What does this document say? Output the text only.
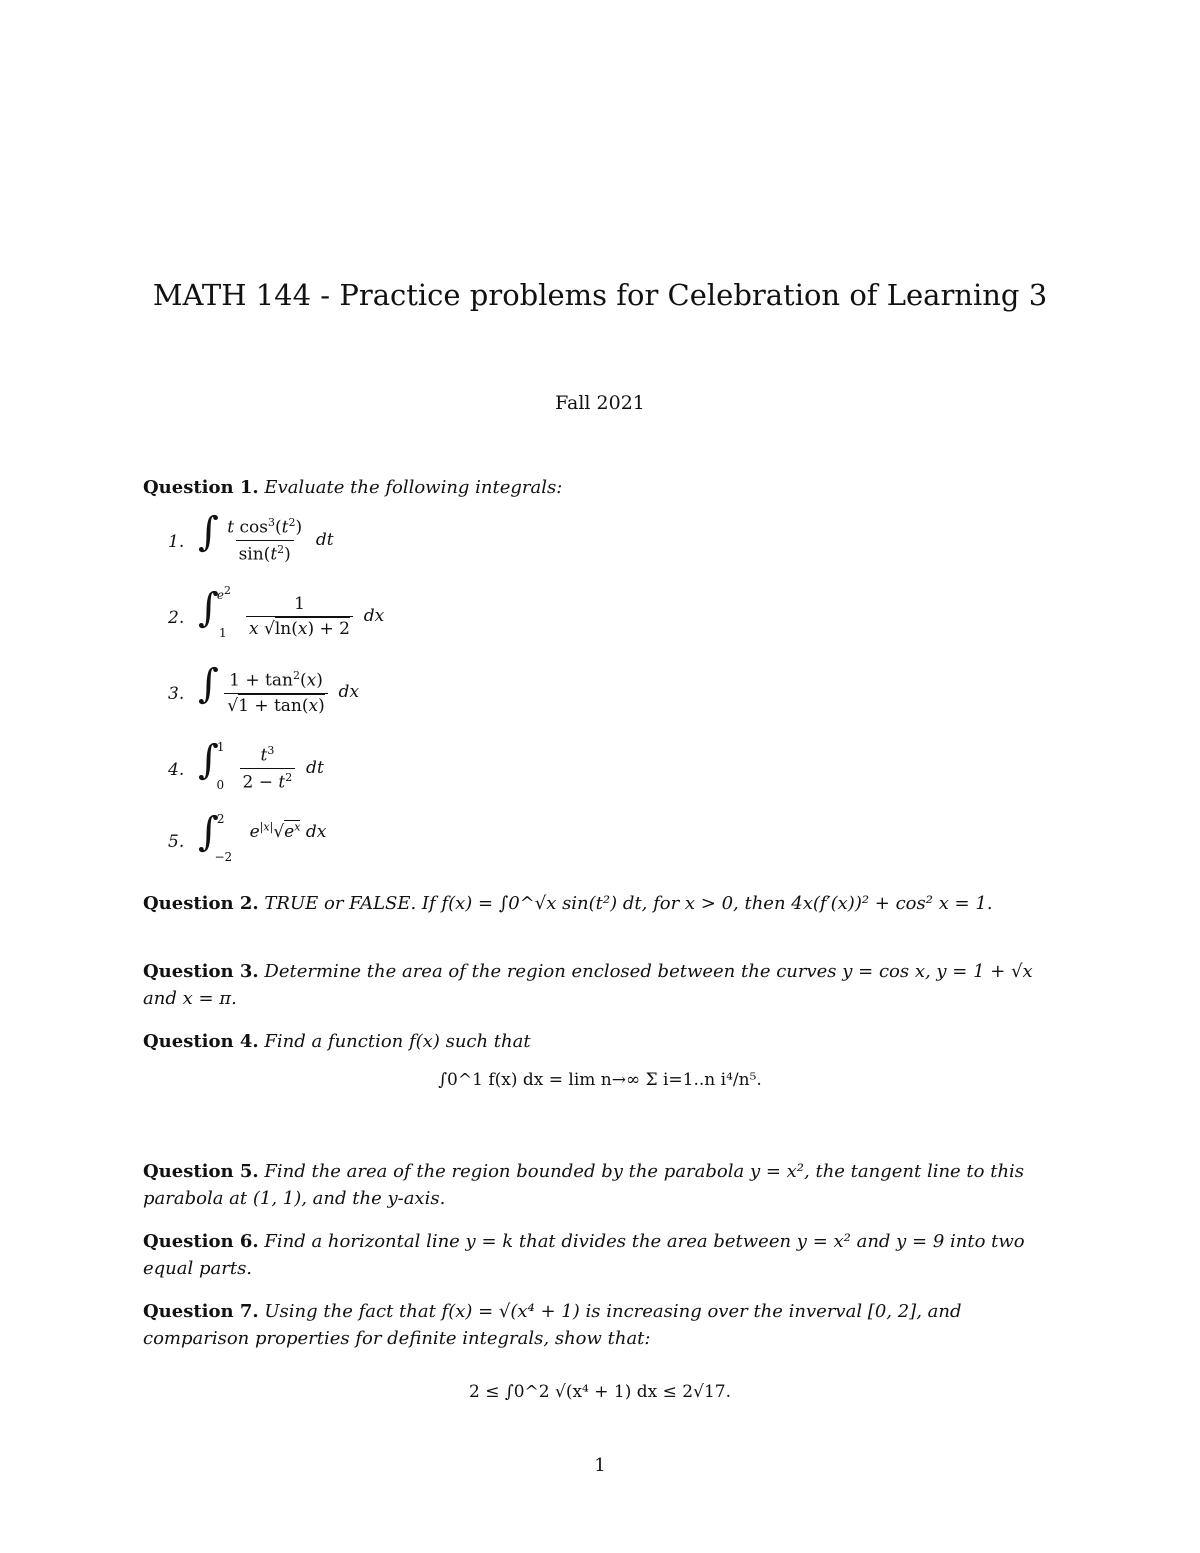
MATH 144 - Practice problems for Celebration of Learning 3
Fall 2021
Question 1. Evaluate the following integrals:
1. ∫ $\frac{t \cos^3(t^2)}{\sin(t^2)}$ dt
2. $\int^{e^2}_1 \frac{1}{x √\ln(x) + 2}$ dx
3. ∫ $\frac{1 + \tan^2(x)}{√1 + \tan(x)}$ dx
4. $\int^1_0 \frac{t^3}{2 - t^2}$ dt
5. ∫$^2_{-2}$ $e^{|x|}√e^x$ dx
Question 2. TRUE or FALSE. If f(x) = ∫0^√x sin(t²) dt, for x > 0, then 4x(f′(x))² + cos² x = 1.
Question 3. Determine the area of the region enclosed between the curves y = cos x, y = 1 + √x and x = π.
Question 4. Find a function f(x) such that
∫0^1 f(x) dx = lim n→∞ Σ i=1..n i⁴/n⁵.
Question 5. Find the area of the region bounded by the parabola y = x², the tangent line to this parabola at (1, 1), and the y-axis.
Question 6. Find a horizontal line y = k that divides the area between y = x² and y = 9 into two equal parts.
Question 7. Using the fact that f(x) = √(x⁴ + 1) is increasing over the inverval [0, 2], and comparison properties for definite integrals, show that:
2 ≤ ∫0^2 √(x⁴ + 1) dx ≤ 2√17.
1
